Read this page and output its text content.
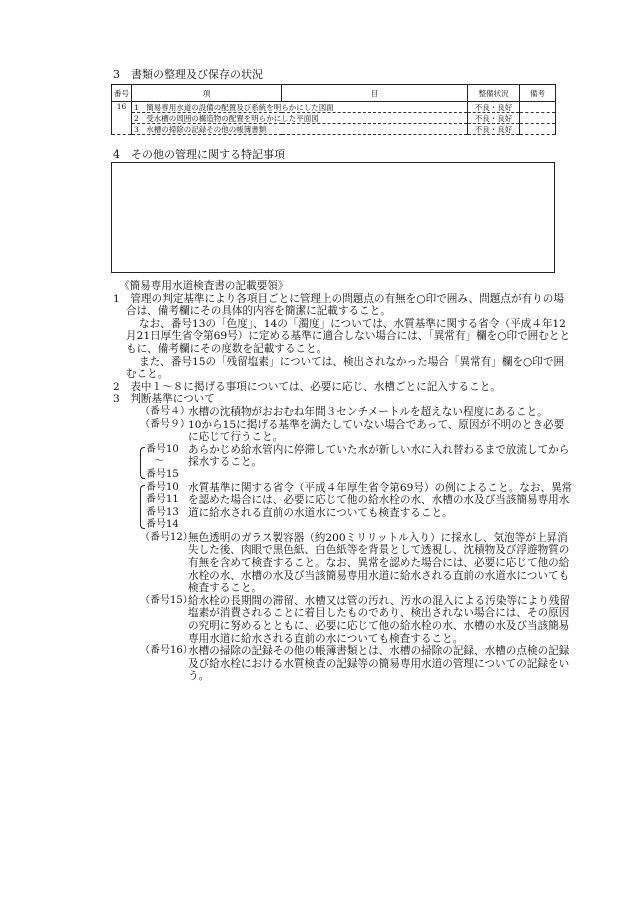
3　書類の整理及び保存の状況
番号	項	目	整備状況	備考
16	1　簡易専用水道の設備の配置及び系統を明らかにした図面		不良・良好	
	2　受水槽の周囲の構造物の配置を明らかにした平面図		不良・良好	
	3　水槽の掃除の記録その他の帳簿書類		不良・良好	
4　その他の管理に関する特記事項

《簡易専用水道検査書の記載要領》

1　管理の判定基準により各項目ごとに管理上の問題点の有無を○印で囲み、問題点が有りの場合は、備考欄にその具体的内容を簡潔に記載すること。

なお、番号13の「色度」、14の「濁度」については、水質基準に関する省令（平成４年12月21日厚生省令第69号）に定める基準に適合しない場合には、「異常有」欄を○印で囲むとともに、備考欄にその度数を記載すること。

また、番号15の「残留塩素」については、検出されなかった場合「異常有」欄を○印で囲むこと。

2　表中１～８に掲げる事項については、必要に応じ、水槽ごとに記入すること。

3　判断基準について

（番号４）
水槽の沈積物がおおむね年間３センチメートルを超えない程度にあること。
（番号９）
10から15に掲げる基準を満たしていない場合であって、原因が不明のとき必要に応じて行うこと。
番号10
～
番号15
あらかじめ給水管内に停滞していた水が新しい水に入れ替わるまで放流してから採水すること。
番号10
番号11
番号13
番号14
水質基準に関する省令（平成４年厚生省令第69号）の例によること。なお、異常を認めた場合には、必要に応じて他の給水栓の水、水槽の水及び当該簡易専用水道に給水される直前の水道水についても検査すること。
（番号12）
無色透明のガラス製容器（約200ミリリットル入り）に採水し、気泡等が上昇消失した後、肉眼で黒色紙、白色紙等を背景として透視し、沈積物及び浮遊物質の有無を含めて検査すること。なお、異常を認めた場合には、必要に応じて他の給水栓の水、水槽の水及び当該簡易専用水道に給水される直前の水道水についても検査すること。
（番号15）
給水栓の長期間の滞留、水槽又は管の汚れ、汚水の混入による汚染等により残留塩素が消費されることに着目したものであり、検出されない場合には、その原因の究明に努めるとともに、必要に応じて他の給水栓の水、水槽の水及び当該簡易専用水道に給水される直前の水についても検査すること。
（番号16）
水槽の掃除の記録その他の帳簿書類とは、水槽の掃除の記録、水槽の点検の記録及び給水栓における水質検査の記録等の簡易専用水道の管理についての記録をいう。
